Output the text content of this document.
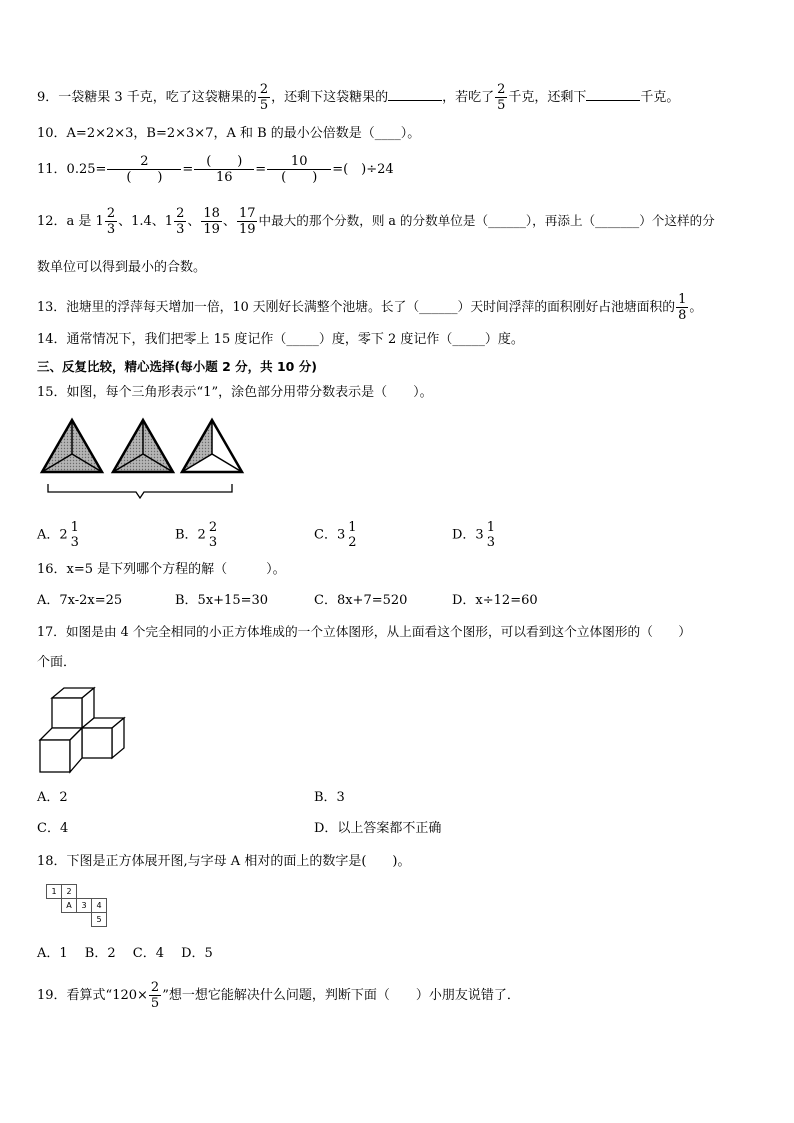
9．一袋糖果 3 千克，吃了这袋糖果的 $\frac{2}{5}$ ，还剩下这袋糖果的	，若吃了 $\frac{2}{5}$ 千克，还剩下	千克。
10．A=2×2×3，B=2×3×7，A 和 B 的最小公倍数是（____）。
11．$0.25= \frac{2}{( )} = \frac{( )}{16} = \frac{10}{( )}$ =(　)÷24
12．a 是 $1 \frac{2}{3}$ 、1.4、$1 \frac{2}{3}$ 、 $\frac{18}{19}$ 、 $\frac{17}{19}$ 中最大的那个分数，则 a 的分数单位是（______），再添上（_______）个这样的分
数单位可以得到最小的合数。
13．池塘里的浮萍每天增加一倍，10 天刚好长满整个池塘。长了（______）天时间浮萍的面积刚好占池塘面积的 $\frac{1}{8}$ 。
14．通常情况下，我们把零上 15 度记作（_____）度，零下 2 度记作（_____）度。
三、反复比较，精心选择(每小题 2 分，共 10 分)
15．如图，每个三角形表示“1”，涂色部分用带分数表示是（　　）。
A．2 1
3	B．2 2
3	C．3 1
2	D．3 1
3
16．x=5 是下列哪个方程的解（　　　）。
A．7x-2x=25	B．5x+15=30	C．8x+7=520	D．x÷12=60
17．如图是由 4 个完全相同的小正方体堆成的一个立体图形，从上面看这个图形，可以看到这个立体图形的（　　）
个面．
A．2	B．3
C．4	D．以上答案都不正确
18．下图是正方体展开图,与字母 A 相对的面上的数字是(　　)。
1	2		
	A	3	4
			5
A．1　 B．2　 C．4　 D．5
19．看算式“$120\times \frac{2}{5}$ ”想一想它能解决什么问题，判断下面（　　）小朋友说错了．
